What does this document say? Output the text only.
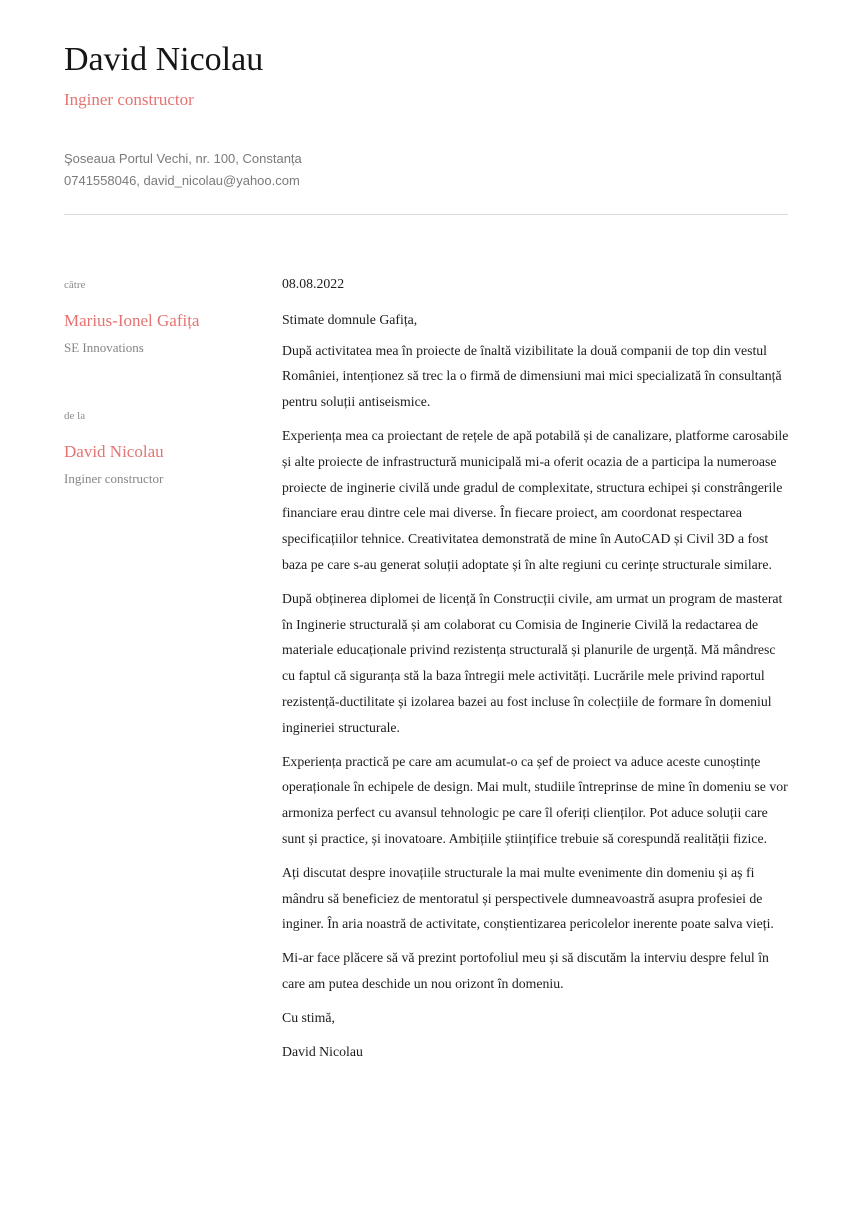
David Nicolau
Inginer constructor
Şoseaua Portul Vechi, nr. 100, Constanța
0741558046, david_nicolau@yahoo.com
către
Marius-Ionel Gafița
SE Innovations
de la
David Nicolau
Inginer constructor

08.08.2022

Stimate domnule Gafița,

După activitatea mea în proiecte de înaltă vizibilitate la două companii de top din vestul României, intenționez să trec la o firmă de dimensiuni mai mici specializată în consultanță pentru soluții antiseismice.

Experiența mea ca proiectant de rețele de apă potabilă și de canalizare, platforme carosabile și alte proiecte de infrastructură municipală mi-a oferit ocazia de a participa la numeroase proiecte de inginerie civilă unde gradul de complexitate, structura echipei și constrângerile financiare erau dintre cele mai diverse. În fiecare proiect, am coordonat respectarea specificațiilor tehnice. Creativitatea demonstrată de mine în AutoCAD și Civil 3D a fost baza pe care s-au generat soluții adoptate și în alte regiuni cu cerințe structurale similare.

După obținerea diplomei de licență în Construcții civile, am urmat un program de masterat în Inginerie structurală și am colaborat cu Comisia de Inginerie Civilă la redactarea de materiale educaționale privind rezistența structurală și planurile de urgență. Mă mândresc cu faptul că siguranța stă la baza întregii mele activități. Lucrările mele privind raportul rezistență-ductilitate și izolarea bazei au fost incluse în colecțiile de formare în domeniul ingineriei structurale.

Experiența practică pe care am acumulat-o ca șef de proiect va aduce aceste cunoștințe operaționale în echipele de design. Mai mult, studiile întreprinse de mine în domeniu se vor armoniza perfect cu avansul tehnologic pe care îl oferiți clienților. Pot aduce soluții care sunt și practice, și inovatoare. Ambițiile științifice trebuie să corespundă realității fizice.

Ați discutat despre inovațiile structurale la mai multe evenimente din domeniu și aș fi mândru să beneficiez de mentoratul și perspectivele dumneavoastră asupra profesiei de inginer. În aria noastră de activitate, conștientizarea pericolelor inerente poate salva vieți.

Mi-ar face plăcere să vă prezint portofoliul meu și să discutăm la interviu despre felul în care am putea deschide un nou orizont în domeniu.

Cu stimă,

David Nicolau
